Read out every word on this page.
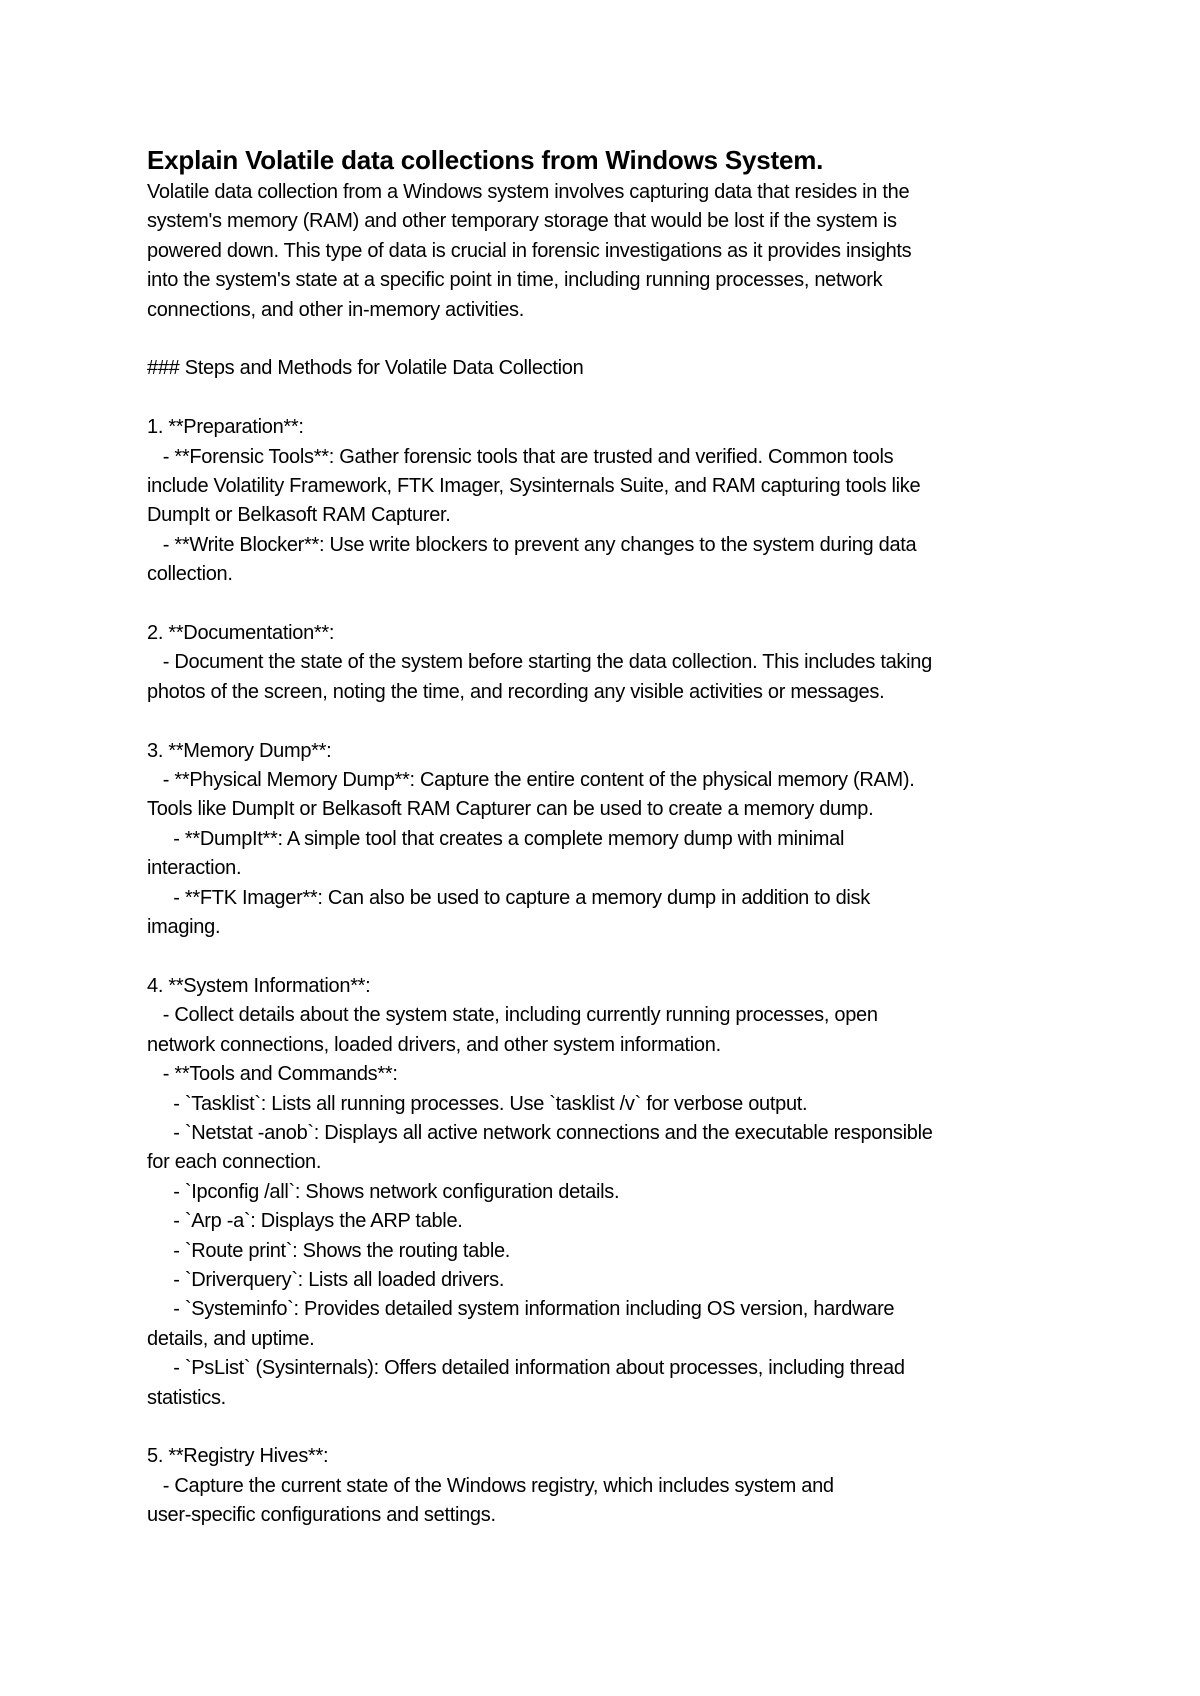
Explain Volatile data collections from Windows System.

Volatile data collection from a Windows system involves capturing data that resides in the

system's memory (RAM) and other temporary storage that would be lost if the system is

powered down. This type of data is crucial in forensic investigations as it provides insights

into the system's state at a specific point in time, including running processes, network

connections, and other in-memory activities.

### Steps and Methods for Volatile Data Collection

1. **Preparation**:

- **Forensic Tools**: Gather forensic tools that are trusted and verified. Common tools

include Volatility Framework, FTK Imager, Sysinternals Suite, and RAM capturing tools like

DumpIt or Belkasoft RAM Capturer.

- **Write Blocker**: Use write blockers to prevent any changes to the system during data

collection.

2. **Documentation**:

- Document the state of the system before starting the data collection. This includes taking

photos of the screen, noting the time, and recording any visible activities or messages.

3. **Memory Dump**:

- **Physical Memory Dump**: Capture the entire content of the physical memory (RAM).

Tools like DumpIt or Belkasoft RAM Capturer can be used to create a memory dump.

- **DumpIt**: A simple tool that creates a complete memory dump with minimal

interaction.

- **FTK Imager**: Can also be used to capture a memory dump in addition to disk

imaging.

4. **System Information**:

- Collect details about the system state, including currently running processes, open

network connections, loaded drivers, and other system information.

- **Tools and Commands**:

- `Tasklist`: Lists all running processes. Use `tasklist /v` for verbose output.

- `Netstat -anob`: Displays all active network connections and the executable responsible

for each connection.

- `Ipconfig /all`: Shows network configuration details.

- `Arp -a`: Displays the ARP table.

- `Route print`: Shows the routing table.

- `Driverquery`: Lists all loaded drivers.

- `Systeminfo`: Provides detailed system information including OS version, hardware

details, and uptime.

- `PsList` (Sysinternals): Offers detailed information about processes, including thread

statistics.

5. **Registry Hives**:

- Capture the current state of the Windows registry, which includes system and

user-specific configurations and settings.
